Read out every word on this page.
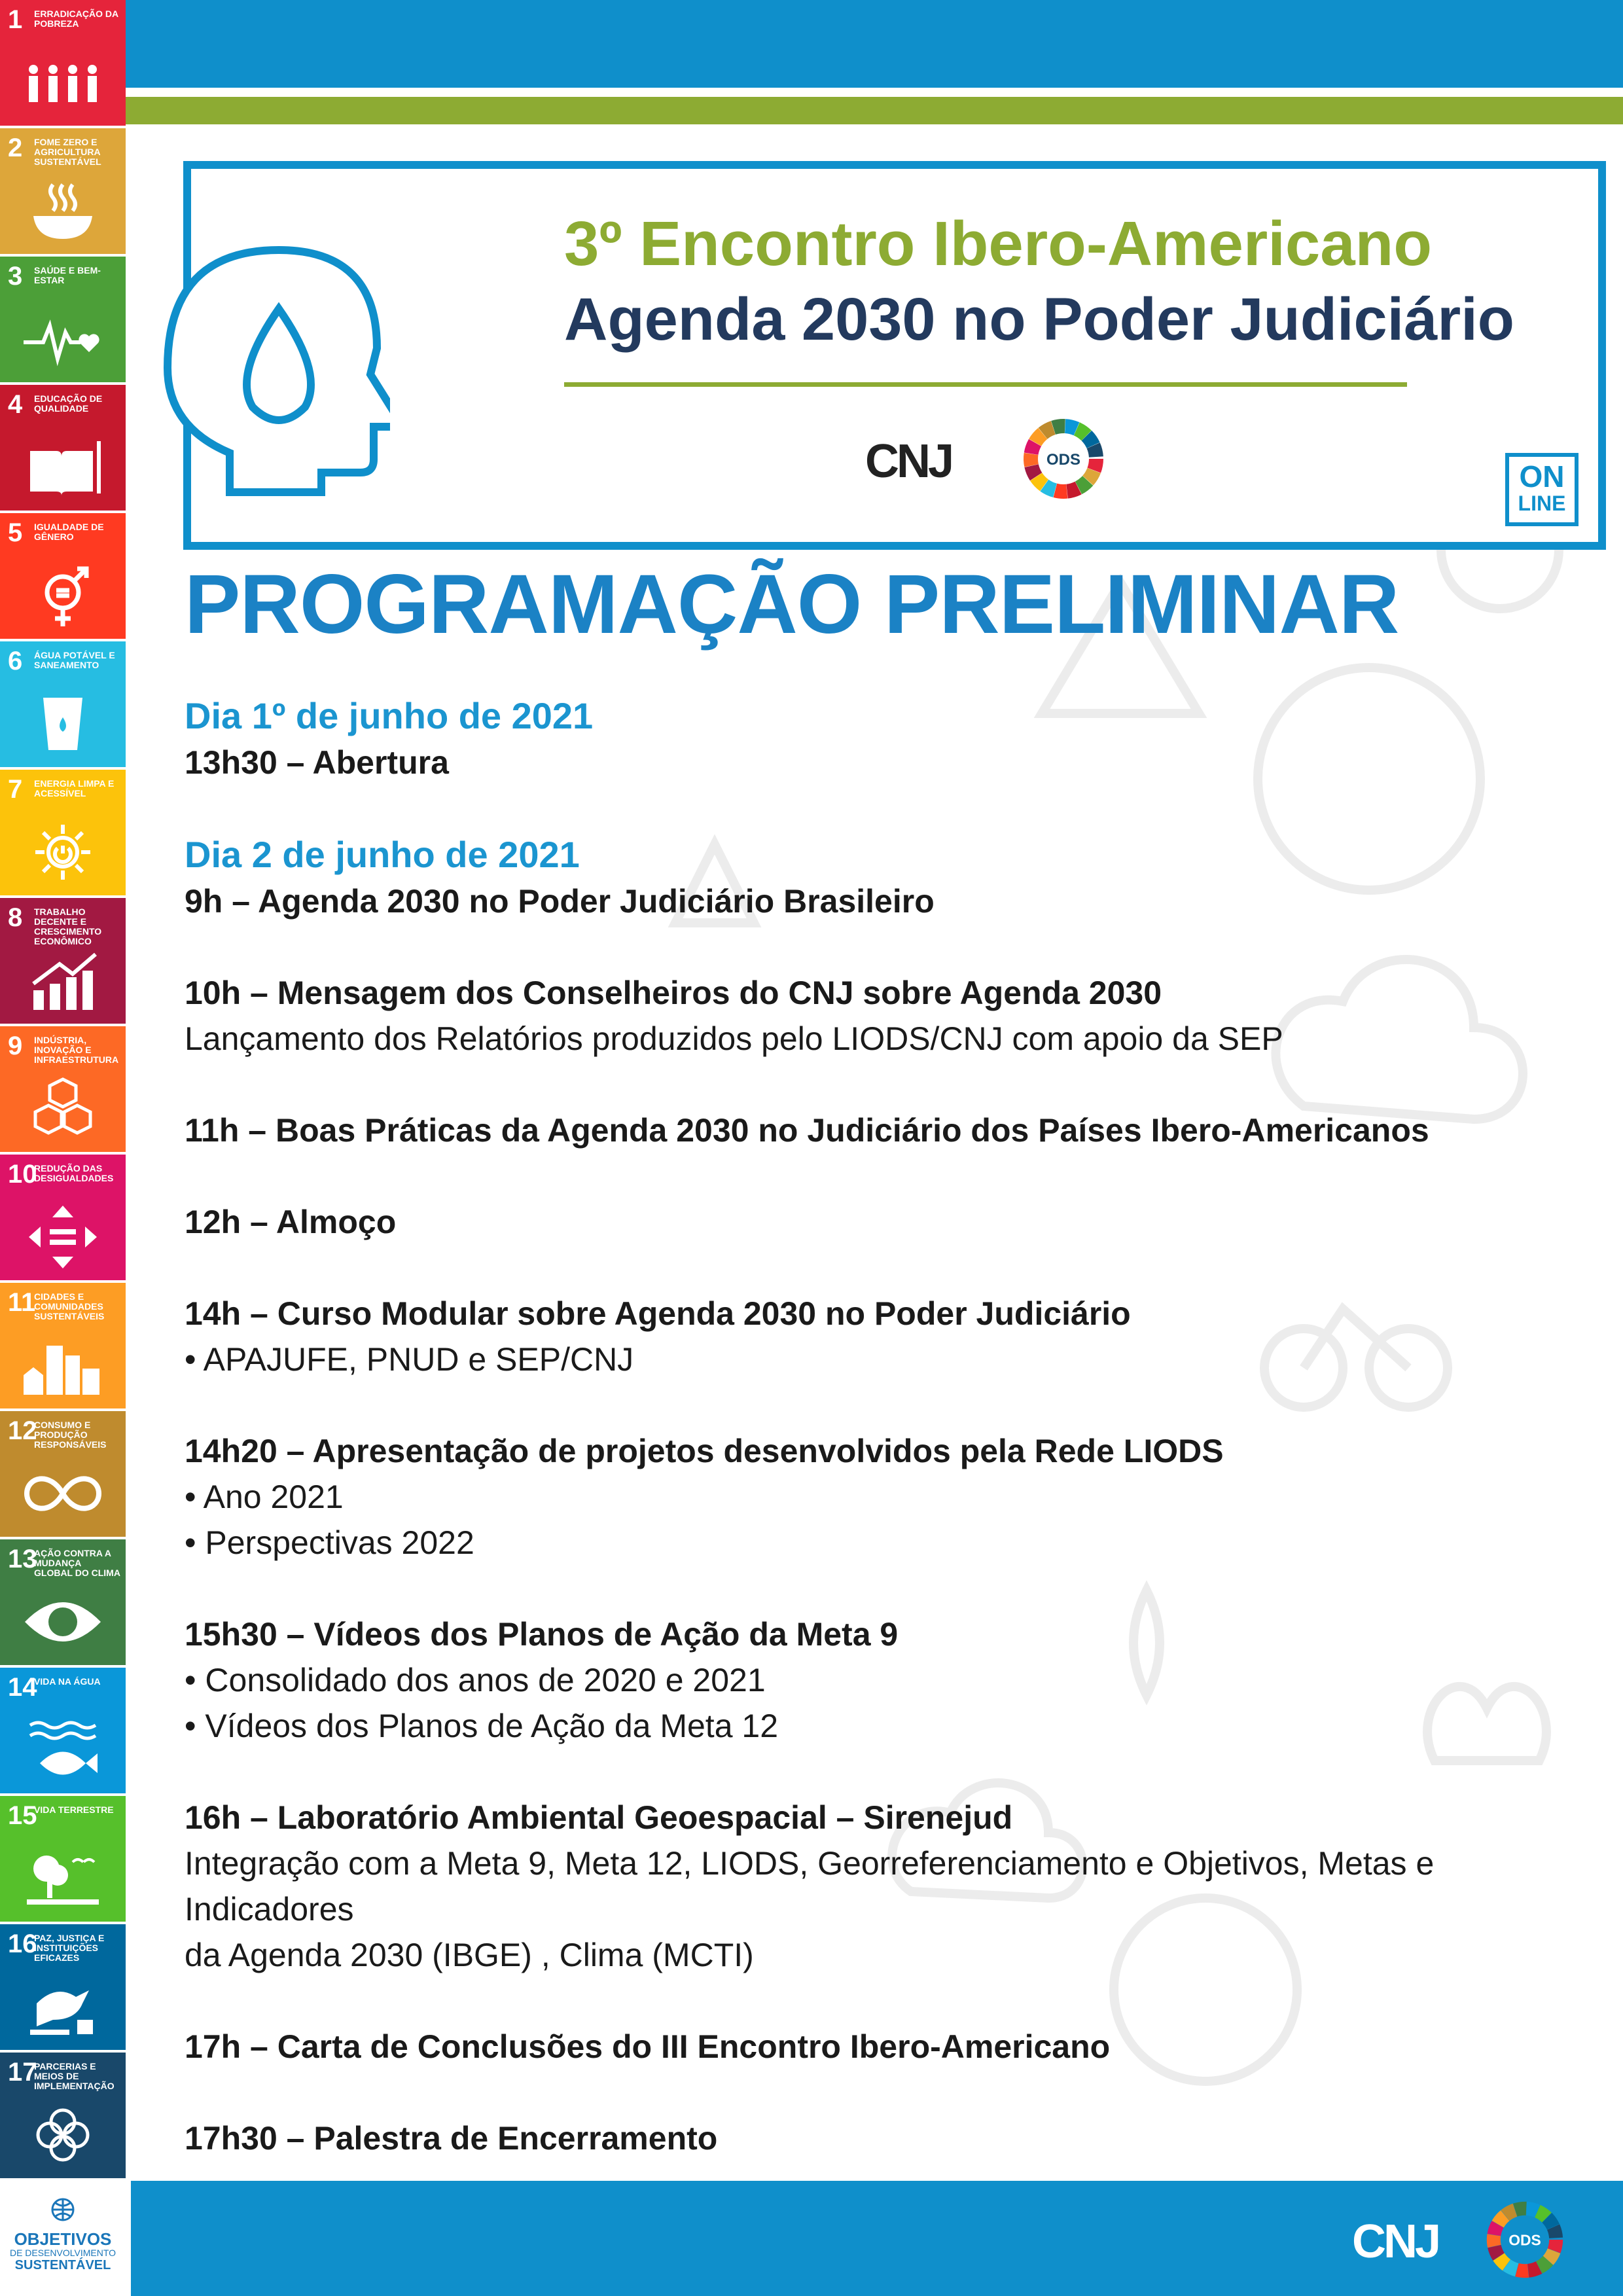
1 ERRADICAÇÃO DA POBREZA
2 FOME ZERO E AGRICULTURA SUSTENTÁVEL
3 SAÚDE E BEM-ESTAR
4 EDUCAÇÃO DE QUALIDADE
5 IGUALDADE DE GÊNERO
6 ÁGUA POTÁVEL E SANEAMENTO
7 ENERGIA LIMPA E ACESSÍVEL
8 TRABALHO DECENTE E CRESCIMENTO ECONÔMICO
9 INDÚSTRIA, INOVAÇÃO E INFRAESTRUTURA
10
REDUÇÃO DAS DESIGUALDADES
11
CIDADES E COMUNIDADES SUSTENTÁVEIS
12
CONSUMO E PRODUÇÃO RESPONSÁVEIS
13
AÇÃO CONTRA A MUDANÇA GLOBAL DO CLIMA
14
VIDA NA ÁGUA
15
VIDA TERRESTRE
16
PAZ, JUSTIÇA E INSTITUIÇÕES EFICAZES
17
PARCERIAS E MEIOS DE IMPLEMENTAÇÃO
OBJETIVOS
DE DESENVOLVIMENTO
SUSTENTÁVEL
3º Encontro Ibero-Americano
Agenda 2030 no Poder Judiciário
CNJ	ODS	ON
LINE
PROGRAMAÇÃO PRELIMINAR
Dia 1º de junho de 2021
13h30 – Abertura
Dia 2 de junho de 2021
9h – Agenda 2030 no Poder Judiciário Brasileiro
10h – Mensagem dos Conselheiros do CNJ sobre Agenda 2030
Lançamento dos Relatórios produzidos pelo LIODS/CNJ com apoio da SEP
11h – Boas Práticas da Agenda 2030 no Judiciário dos Países Ibero-Americanos
12h – Almoço
14h – Curso Modular sobre Agenda 2030 no Poder Judiciário
• APAJUFE, PNUD e SEP/CNJ
14h20 – Apresentação de projetos desenvolvidos pela Rede LIODS
• Ano 2021
• Perspectivas 2022
15h30 – Vídeos dos Planos de Ação da Meta 9
• Consolidado dos anos de 2020 e 2021
• Vídeos dos Planos de Ação da Meta 12
16h – Laboratório Ambiental Geoespacial – Sirenejud
Integração com a Meta 9, Meta 12, LIODS, Georreferenciamento e Objetivos, Metas e Indicadores
da Agenda 2030 (IBGE) , Clima (MCTI)
17h – Carta de Conclusões do III Encontro Ibero-Americano
17h30 – Palestra de Encerramento
CNJ	ODS
